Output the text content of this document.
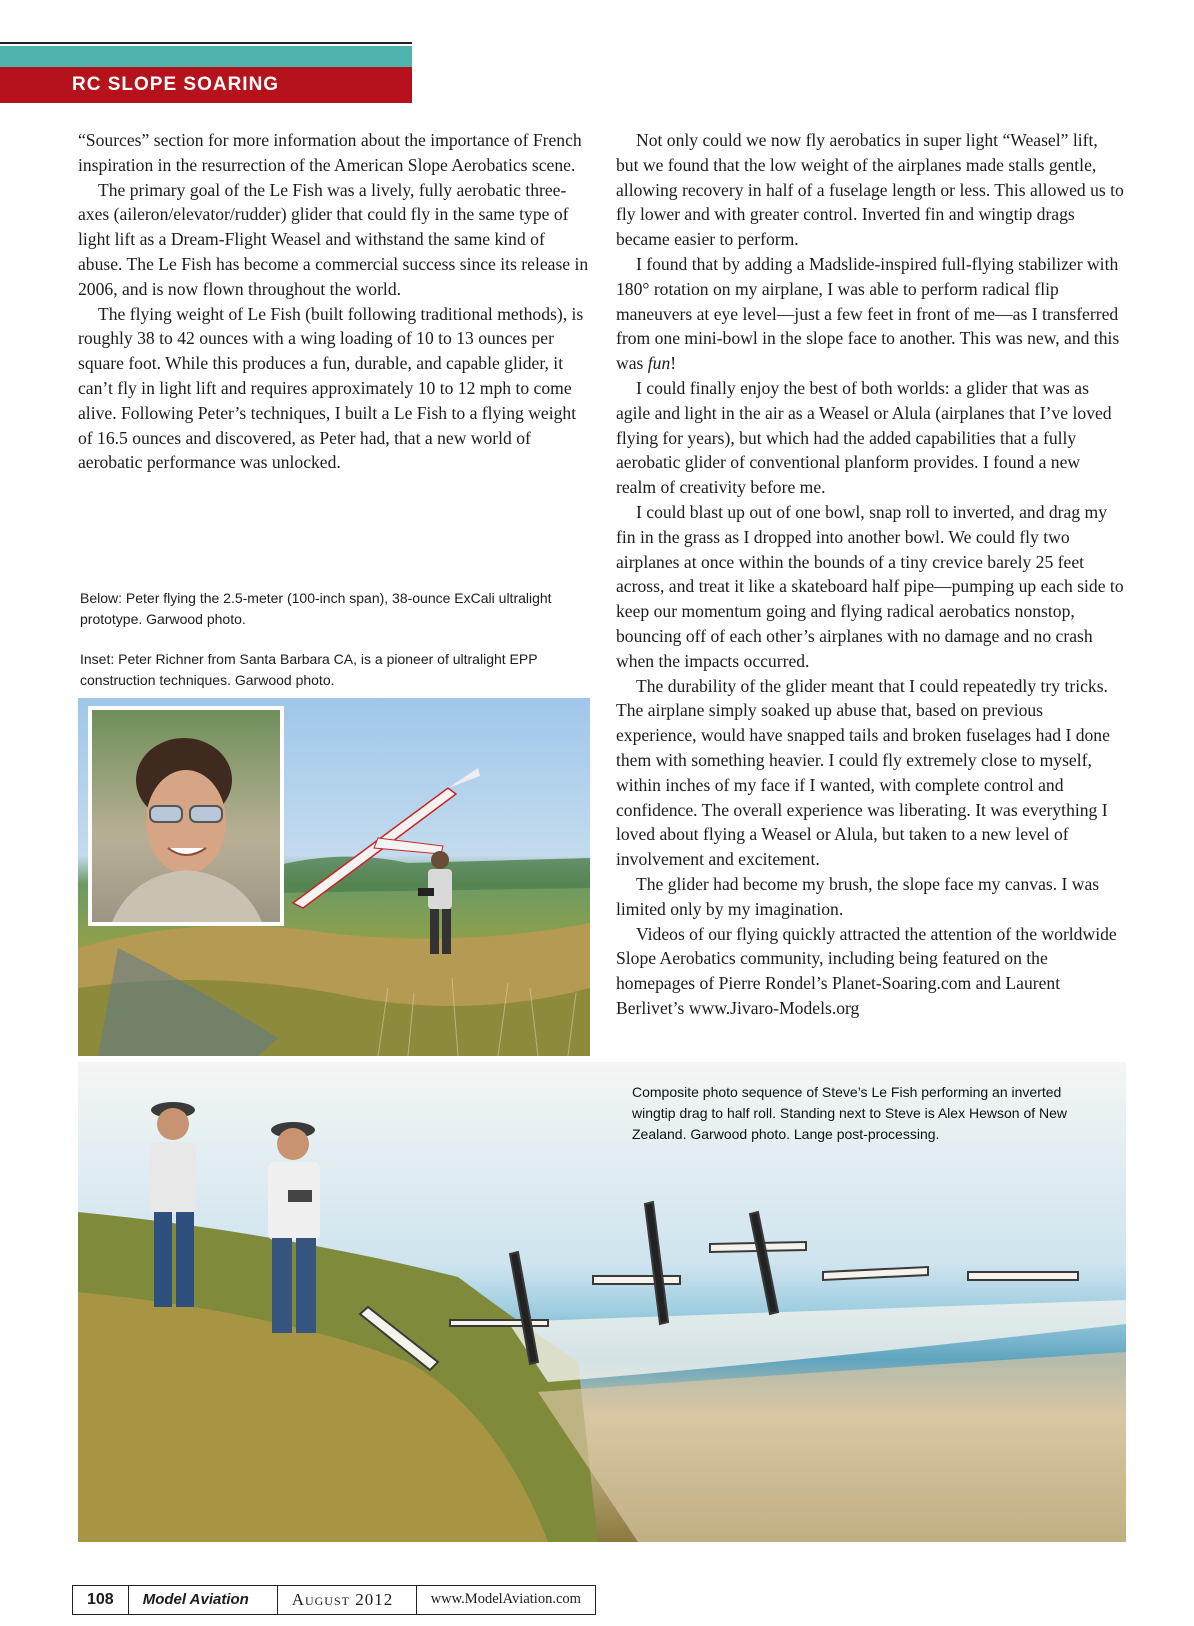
RC SLOPE SOARING

“Sources” section for more information about the importance of French inspiration in the resurrection of the American Slope Aerobatics scene.

The primary goal of the Le Fish was a lively, fully aerobatic three-axes (aileron/elevator/rudder) glider that could fly in the same type of light lift as a Dream-Flight Weasel and withstand the same kind of abuse. The Le Fish has become a commercial success since its release in 2006, and is now flown throughout the world.

The flying weight of Le Fish (built following traditional methods), is roughly 38 to 42 ounces with a wing loading of 10 to 13 ounces per square foot. While this produces a fun, durable, and capable glider, it can’t fly in light lift and requires approximately 10 to 12 mph to come alive. Following Peter’s techniques, I built a Le Fish to a flying weight of 16.5 ounces and discovered, as Peter had, that a new world of aerobatic performance was unlocked.

Below: Peter flying the 2.5-meter (100-inch span), 38-ounce ExCali ultralight prototype. Garwood photo.
Inset: Peter Richner from Santa Barbara CA, is a pioneer of ultralight EPP construction techniques. Garwood photo.

Not only could we now fly aerobatics in super light “Weasel” lift, but we found that the low weight of the airplanes made stalls gentle, allowing recovery in half of a fuselage length or less. This allowed us to fly lower and with greater control. Inverted fin and wingtip drags became easier to perform.

I found that by adding a Madslide-inspired full-flying stabilizer with 180° rotation on my airplane, I was able to perform radical flip maneuvers at eye level—just a few feet in front of me—as I transferred from one mini-bowl in the slope face to another. This was new, and this was fun!

I could finally enjoy the best of both worlds: a glider that was as agile and light in the air as a Weasel or Alula (airplanes that I’ve loved flying for years), but which had the added capabilities that a fully aerobatic glider of conventional planform provides. I found a new realm of creativity before me.

I could blast up out of one bowl, snap roll to inverted, and drag my fin in the grass as I dropped into another bowl. We could fly two airplanes at once within the bounds of a tiny crevice barely 25 feet across, and treat it like a skateboard half pipe—pumping up each side to keep our momentum going and flying radical aerobatics nonstop, bouncing off of each other’s airplanes with no damage and no crash when the impacts occurred.

The durability of the glider meant that I could repeatedly try tricks. The airplane simply soaked up abuse that, based on previous experience, would have snapped tails and broken fuselages had I done them with something heavier. I could fly extremely close to myself, within inches of my face if I wanted, with complete control and confidence. The overall experience was liberating. It was everything I loved about flying a Weasel or Alula, but taken to a new level of involvement and excitement.

The glider had become my brush, the slope face my canvas. I was limited only by my imagination.

Videos of our flying quickly attracted the attention of the worldwide Slope Aerobatics community, including being featured on the homepages of Pierre Rondel’s Planet-Soaring.com and Laurent Berlivet’s www.Jivaro-Models.org

Composite photo sequence of Steve’s Le Fish performing an inverted wingtip drag to half roll. Standing next to Steve is Alex Hewson of New Zealand. Garwood photo. Lange post-processing.
108	Model Aviation	August 2012	www.ModelAviation.com
